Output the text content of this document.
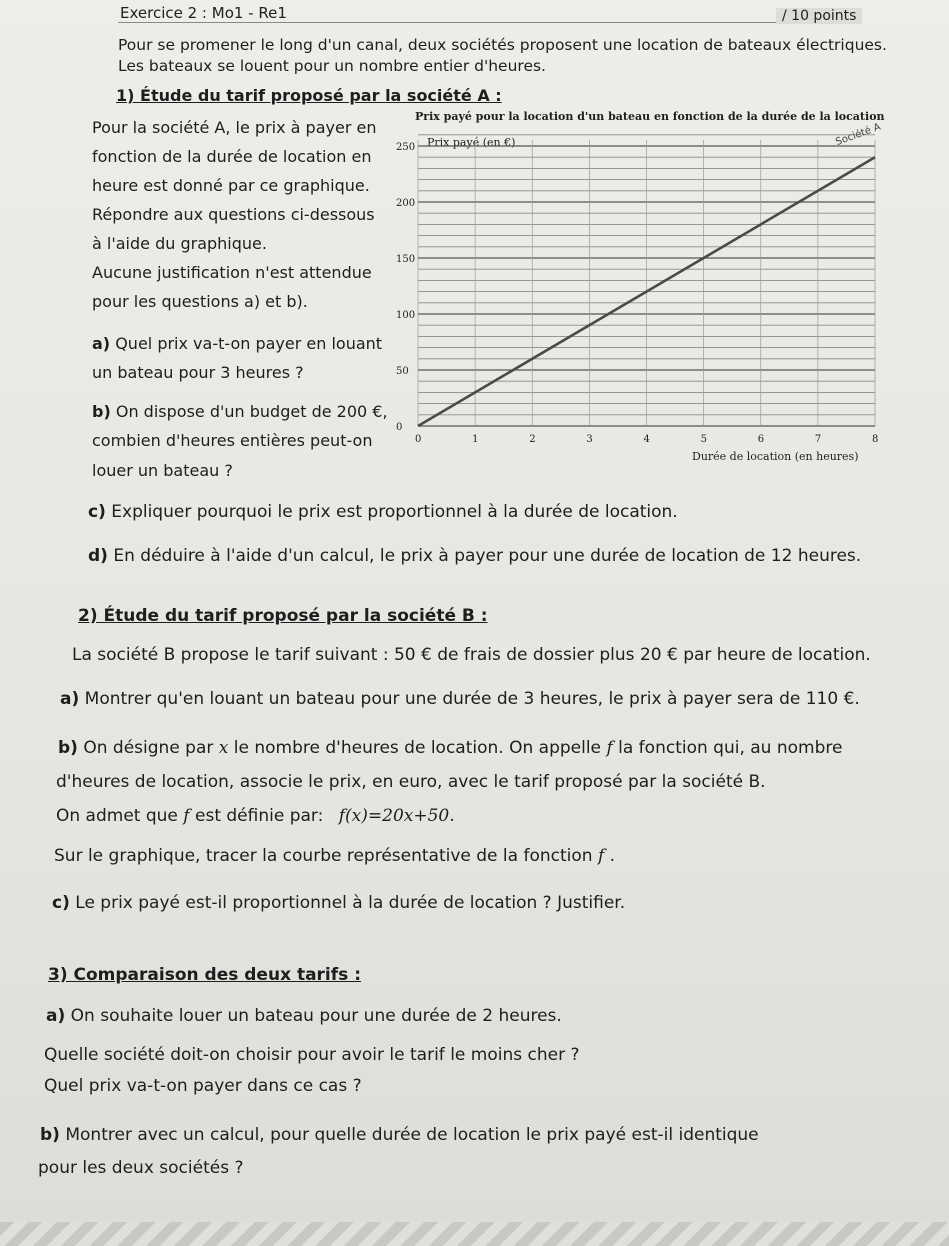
Exercice 2 : Mo1 - Re1	/ 10 points
Pour se promener le long d'un canal, deux sociétés proposent une location de bateaux électriques.
Les bateaux se louent pour un nombre entier d'heures.
1) Étude du tarif proposé par la société A :
Pour la société A, le prix à payer en
fonction de la durée de location en
heure est donné par ce graphique.
Répondre aux questions ci-dessous
à l'aide du graphique.
Aucune justification n'est attendue
pour les questions a) et b).
a) Quel prix va-t-on payer en louant
un bateau pour 3 heures ?
b) On dispose d'un budget de 200 €,
combien d'heures entières peut-on
louer un bateau ?
Prix payé pour la location d'un bateau en fonction de la durée de la location
Prix payé (en €)
0
50
100
150
200
250
0	1	2	3	4	5	6	7	8
Société A
Durée de location (en heures)
c) Expliquer pourquoi le prix est proportionnel à la durée de location.
d) En déduire à l'aide d'un calcul, le prix à payer pour une durée de location de 12 heures.
2) Étude du tarif proposé par la société B :
La société B propose le tarif suivant : 50 € de frais de dossier plus 20 € par heure de location.
a) Montrer qu'en louant un bateau pour une durée de 3 heures, le prix à payer sera de 110 €.
b) On désigne par x le nombre d'heures de location. On appelle f la fonction qui, au nombre
d'heures de location, associe le prix, en euro, avec le tarif proposé par la société B.
On admet que f est définie par: f(x)=20x+50.
Sur le graphique, tracer la courbe représentative de la fonction f .
c) Le prix payé est-il proportionnel à la durée de location ? Justifier.
3) Comparaison des deux tarifs :
a) On souhaite louer un bateau pour une durée de 2 heures.
Quelle société doit-on choisir pour avoir le tarif le moins cher ?
Quel prix va-t-on payer dans ce cas ?
b) Montrer avec un calcul, pour quelle durée de location le prix payé est-il identique
pour les deux sociétés ?
